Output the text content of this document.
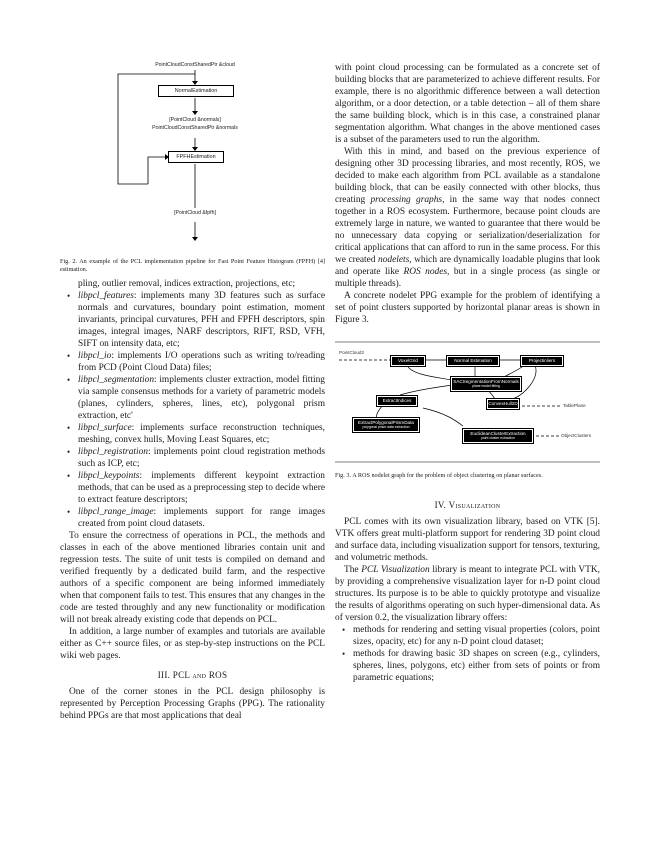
PointCloudConstSharedPtr &cloud
NormalEstimation
[PointCloud &normals]
PointCloudConstSharedPtr &normals
FPFHEstimation
[PointCloud &fpfh]

Fig. 2. An example of the PCL implementation pipeline for Fast Point Feature Histogram (FPFH) [4] estimation.

pling, outlier removal, indices extraction, projections, etc;

• libpcl_features: implements many 3D features such as surface normals and curvatures, boundary point estimation, moment invariants, principal curvatures, PFH and FPFH descriptors, spin images, integral images, NARF descriptors, RIFT, RSD, VFH, SIFT on intensity data, etc;
• libpcl_io: implements I/O operations such as writing to/reading from PCD (Point Cloud Data) files;
• libpcl_segmentation: implements cluster extraction, model fitting via sample consensus methods for a variety of parametric models (planes, cylinders, spheres, lines, etc), polygonal prism extraction, etc'
• libpcl_surface: implements surface reconstruction techniques, meshing, convex hulls, Moving Least Squares, etc;
• libpcl_registration: implements point cloud registration methods such as ICP, etc;
• libpcl_keypoints: implements different keypoint extraction methods, that can be used as a preprocessing step to decide where to extract feature descriptors;
• libpcl_range_image: implements support for range images created from point cloud datasets.

To ensure the correctness of operations in PCL, the methods and classes in each of the above mentioned libraries contain unit and regression tests. The suite of unit tests is compiled on demand and verified frequently by a dedicated build farm, and the respective authors of a specific component are being informed immediately when that component fails to test. This ensures that any changes in the code are tested throughly and any new functionality or modification will not break already existing code that depends on PCL.

In addition, a large number of examples and tutorials are available either as C++ source files, or as step-by-step instructions on the PCL wiki web pages.

III. PCL and ROS

One of the corner stones in the PCL design philosophy is represented by Perception Processing Graphs (PPG). The rationality behind PPGs are that most applications that deal

with point cloud processing can be formulated as a concrete set of building blocks that are parameterized to achieve different results. For example, there is no algorithmic difference between a wall detection algorithm, or a door detection, or a table detection – all of them share the same building block, which is in this case, a constrained planar segmentation algorithm. What changes in the above mentioned cases is a subset of the parameters used to run the algorithm.

With this in mind, and based on the previous experience of designing other 3D processing libraries, and most recently, ROS, we decided to make each algorithm from PCL available as a standalone building block, that can be easily connected with other blocks, thus creating processing graphs, in the same way that nodes connect together in a ROS ecosystem. Furthermore, because point clouds are extremely large in nature, we wanted to guarantee that there would be no unnecessary data copying or serialization/deserialization for critical applications that can afford to run in the same process. For this we created nodelets, which are dynamically loadable plugins that look and operate like ROS nodes, but in a single process (as single or multiple threads).

A concrete nodelet PPG example for the problem of identifying a set of point clusters supported by horizontal planar areas is shown in Figure 3.

PointCloud2
VoxelGrid	Normal Estimation	Projectinliers
SACSegmentationFromNormals
plane model fitting
ExtractIndices
ConvexHull2D
ExtractPolygonalPrismData
polygonal prism data extraction
EuclideanClusterExtraction
point cluster extraction
TablePlane
ObjectClusters

Fig. 3. A ROS nodelet graph for the problem of object clustering on planar surfaces.

IV. Visualization

PCL comes with its own visualization library, based on VTK [5]. VTK offers great multi-platform support for rendering 3D point cloud and surface data, including visualization support for tensors, texturing, and volumetric methods.

The PCL Visualization library is meant to integrate PCL with VTK, by providing a comprehensive visualization layer for n-D point cloud structures. Its purpose is to be able to quickly prototype and visualize the results of algorithms operating on such hyper-dimensional data. As of version 0.2, the visualization library offers:

• methods for rendering and setting visual properties (colors, point sizes, opacity, etc) for any n-D point cloud dataset;
• methods for drawing basic 3D shapes on screen (e.g., cylinders, spheres, lines, polygons, etc) either from sets of points or from parametric equations;
